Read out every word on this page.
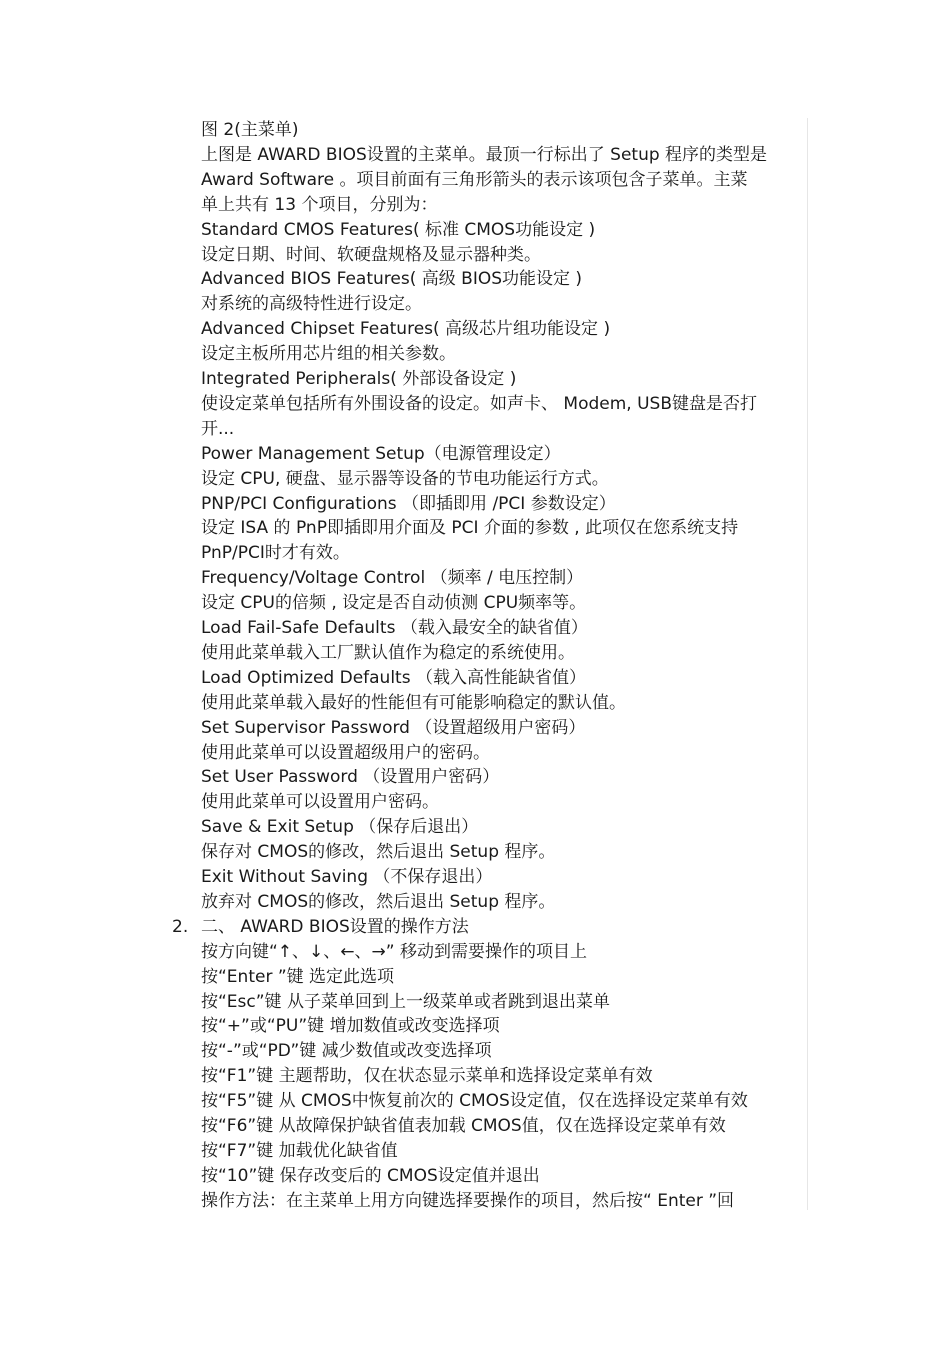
图 2(主菜单)
上图是 AWARD BIOS设置的主菜单。最顶一行标出了 Setup 程序的类型是
Award Software 。项目前面有三角形箭头的表示该项包含子菜单。主菜
单上共有 13 个项目，分别为：
Standard CMOS Features( 标准 CMOS功能设定 )
设定日期、时间、软硬盘规格及显示器种类。
Advanced BIOS Features( 高级 BIOS功能设定 )
对系统的高级特性进行设定。
Advanced Chipset Features( 高级芯片组功能设定 )
设定主板所用芯片组的相关参数。
Integrated Peripherals( 外部设备设定 )
使设定菜单包括所有外围设备的设定。如声卡、 Modem, USB键盘是否打
开...
Power Management Setup（电源管理设定）
设定 CPU, 硬盘、显示器等设备的节电功能运行方式。
PNP/PCI Configurations （即插即用 /PCI 参数设定）
设定 ISA 的 PnP即插即用介面及 PCI 介面的参数 , 此项仅在您系统支持
PnP/PCI时才有效。
Frequency/Voltage Control （频率 / 电压控制）
设定 CPU的倍频 , 设定是否自动侦测 CPU频率等。
Load Fail-Safe Defaults （载入最安全的缺省值）
使用此菜单载入工厂默认值作为稳定的系统使用。
Load Optimized Defaults （载入高性能缺省值）
使用此菜单载入最好的性能但有可能影响稳定的默认值。
Set Supervisor Password （设置超级用户密码）
使用此菜单可以设置超级用户的密码。
Set User Password （设置用户密码）
使用此菜单可以设置用户密码。
Save & Exit Setup （保存后退出）
保存对 CMOS的修改，然后退出 Setup 程序。
Exit Without Saving （不保存退出）
放弃对 CMOS的修改，然后退出 Setup 程序。
二、 AWARD BIOS设置的操作方法
按方向键“↑、↓、←、→” 移动到需要操作的项目上
按“Enter ”键 选定此选项
按“Esc”键 从子菜单回到上一级菜单或者跳到退出菜单
按“+”或“PU”键 增加数值或改变选择项
按“-”或“PD”键 减少数值或改变选择项
按“F1”键 主题帮助，仅在状态显示菜单和选择设定菜单有效
按“F5”键 从 CMOS中恢复前次的 CMOS设定值，仅在选择设定菜单有效
按“F6”键 从故障保护缺省值表加载 CMOS值，仅在选择设定菜单有效
按“F7”键 加载优化缺省值
按“10”键 保存改变后的 CMOS设定值并退出
操作方法：在主菜单上用方向键选择要操作的项目，然后按“ Enter ”回
2.
